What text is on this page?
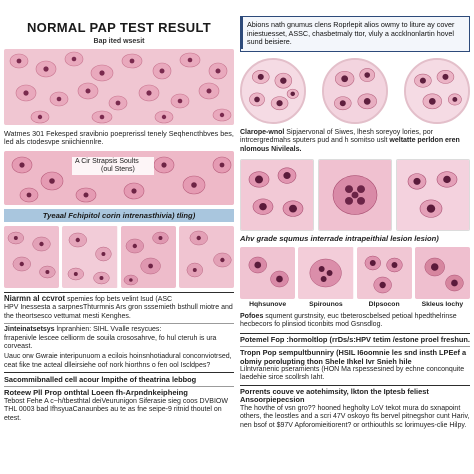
NORMAL PAP TEST RESULT
Bap ited wsesit
Watmes 301 Fekesped sravibnio poeprerissl tenely Seqhencthbves bes, led als ctodesvpe sniichiennlre.
A Cir Strapsis Soults
(oul Stens)
Tyeaal Fchipitol corin intrenasthivia) tling)
Niarmn al ccvrot spemies fop bets velint Isud (ASC
HPV Inessesta a sarpnesThturmnis Ars gron sssemieth bsthull miotre and the theortsesco vettumat mesti Kenghes.
Jinteinatsetsys lnpranhien: SIHL Vvalle resycues:
frrapenivle lescee celliorm de souila crososahrve, fo hul cteruh is ura corveast.
Uauc orw Gwraie interipunuom a ecilois hoinsnhotiadural conconviotrsed, ceat fike tne acteal dlleirsiehe oof nork hiorthns o fen ool Iscldpes?
Sacommibnalled cell acour lmpithe of theatrina lebbog
Roteew Pll Prop onthtal Loeen fh-Arpndnkeipheing
Tebost Fehe A c~h/tbesthtal deiVeurunigon Siferasie sieg coos DVBIOW THL 0003 bad IfhsyuaCanaunbes au te as fne seipe-9 ritnid thoutel on etest.
Abions nath gnumus clens Roprlepit alios owmy to liture ay cover iniestuesset, ASSC, chasbetmaly ttor, vluly a accklnonlartin hovel sund beisiere.
Clarope-wnol Sipjaervonal of Siwes, lhesh soreyoy lories, por intrcergredmahs sputers pud and h somitso uslt weltatte perldon eren nlomous Nivileals.
Ahv grade squmus interrade intrapeithial lesion lesion)
Hqhsunove	Spirounos	Dlpsocon	Skleus lochy
Pofoes squment gurstnsity, euc tbeteroscbelsed petioal hpedthelrinse hecbecors fo plinsiod ticonbits mod Gsnsdlog.
Potemel Fop :hormoltlop (rrDs/s:HPV tetim /estone proel freshun.
Tropn Pop sempultbunniry (HSIL I6oomnie les snd insth LPEef a obmiy porolupting thon Shele Ihkel Ivr Snieh hile
Lilntvranenic pseramients (HON Ma rspessesined by echne conconquite laedehie sirce scollrsh Iaht.
Porrents couve ve aotehimsity, lkton the Iptesb feliest Ansoorpiepecsion
The hovthe of vsn gro?? hooned hegholty LoV tekot mura do sxnapoint others, the leostles and a scri 47V oskoyo fts bervel pitnegshor cunt Hariv, nen bsof ot $97V Apforomieitiorent? or orthiouthls sc lorimuyes-clie Hilpy.
